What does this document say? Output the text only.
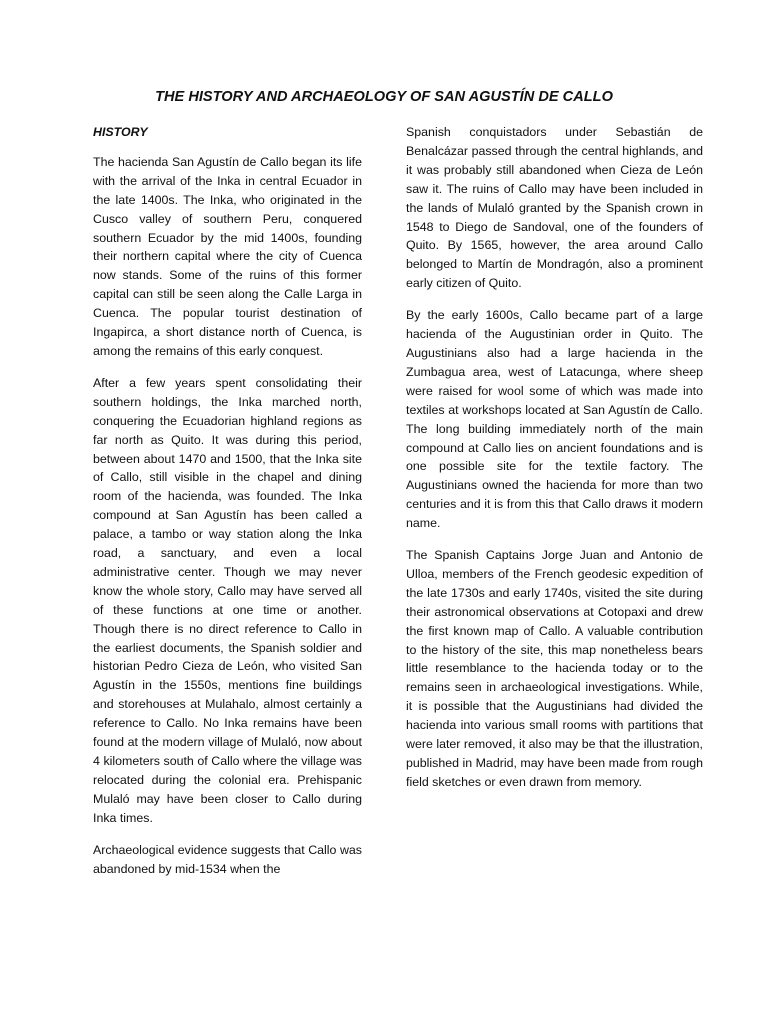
THE HISTORY AND ARCHAEOLOGY OF SAN AGUSTÍN DE CALLO

HISTORY

The hacienda San Agustín de Callo began its life with the arrival of the Inka in central Ecuador in the late 1400s. The Inka, who originated in the Cusco valley of southern Peru, conquered southern Ecuador by the mid 1400s, founding their northern capital where the city of Cuenca now stands. Some of the ruins of this former capital can still be seen along the Calle Larga in Cuenca. The popular tourist destination of Ingapirca, a short distance north of Cuenca, is among the remains of this early conquest.

After a few years spent consolidating their southern holdings, the Inka marched north, conquering the Ecuadorian highland regions as far north as Quito. It was during this period, between about 1470 and 1500, that the Inka site of Callo, still visible in the chapel and dining room of the hacienda, was founded. The Inka compound at San Agustín has been called a palace, a tambo or way station along the Inka road, a sanctuary, and even a local administrative center. Though we may never know the whole story, Callo may have served all of these functions at one time or another. Though there is no direct reference to Callo in the earliest documents, the Spanish soldier and historian Pedro Cieza de León, who visited San Agustín in the 1550s, mentions fine buildings and storehouses at Mulahalo, almost certainly a reference to Callo. No Inka remains have been found at the modern village of Mulaló, now about 4 kilometers south of Callo where the village was relocated during the colonial era. Prehispanic Mulaló may have been closer to Callo during Inka times.

Archaeological evidence suggests that Callo was abandoned by mid-1534 when the

Spanish conquistadors under Sebastián de Benalcázar passed through the central highlands, and it was probably still abandoned when Cieza de León saw it. The ruins of Callo may have been included in the lands of Mulaló granted by the Spanish crown in 1548 to Diego de Sandoval, one of the founders of Quito. By 1565, however, the area around Callo belonged to Martín de Mondragón, also a prominent early citizen of Quito.

By the early 1600s, Callo became part of a large hacienda of the Augustinian order in Quito. The Augustinians also had a large hacienda in the Zumbagua area, west of Latacunga, where sheep were raised for wool some of which was made into textiles at workshops located at San Agustín de Callo. The long building immediately north of the main compound at Callo lies on ancient foundations and is one possible site for the textile factory. The Augustinians owned the hacienda for more than two centuries and it is from this that Callo draws it modern name.

The Spanish Captains Jorge Juan and Antonio de Ulloa, members of the French geodesic expedition of the late 1730s and early 1740s, visited the site during their astronomical observations at Cotopaxi and drew the first known map of Callo. A valuable contribution to the history of the site, this map nonetheless bears little resemblance to the hacienda today or to the remains seen in archaeological investigations. While, it is possible that the Augustinians had divided the hacienda into various small rooms with partitions that were later removed, it also may be that the illustration, published in Madrid, may have been made from rough field sketches or even drawn from memory.
